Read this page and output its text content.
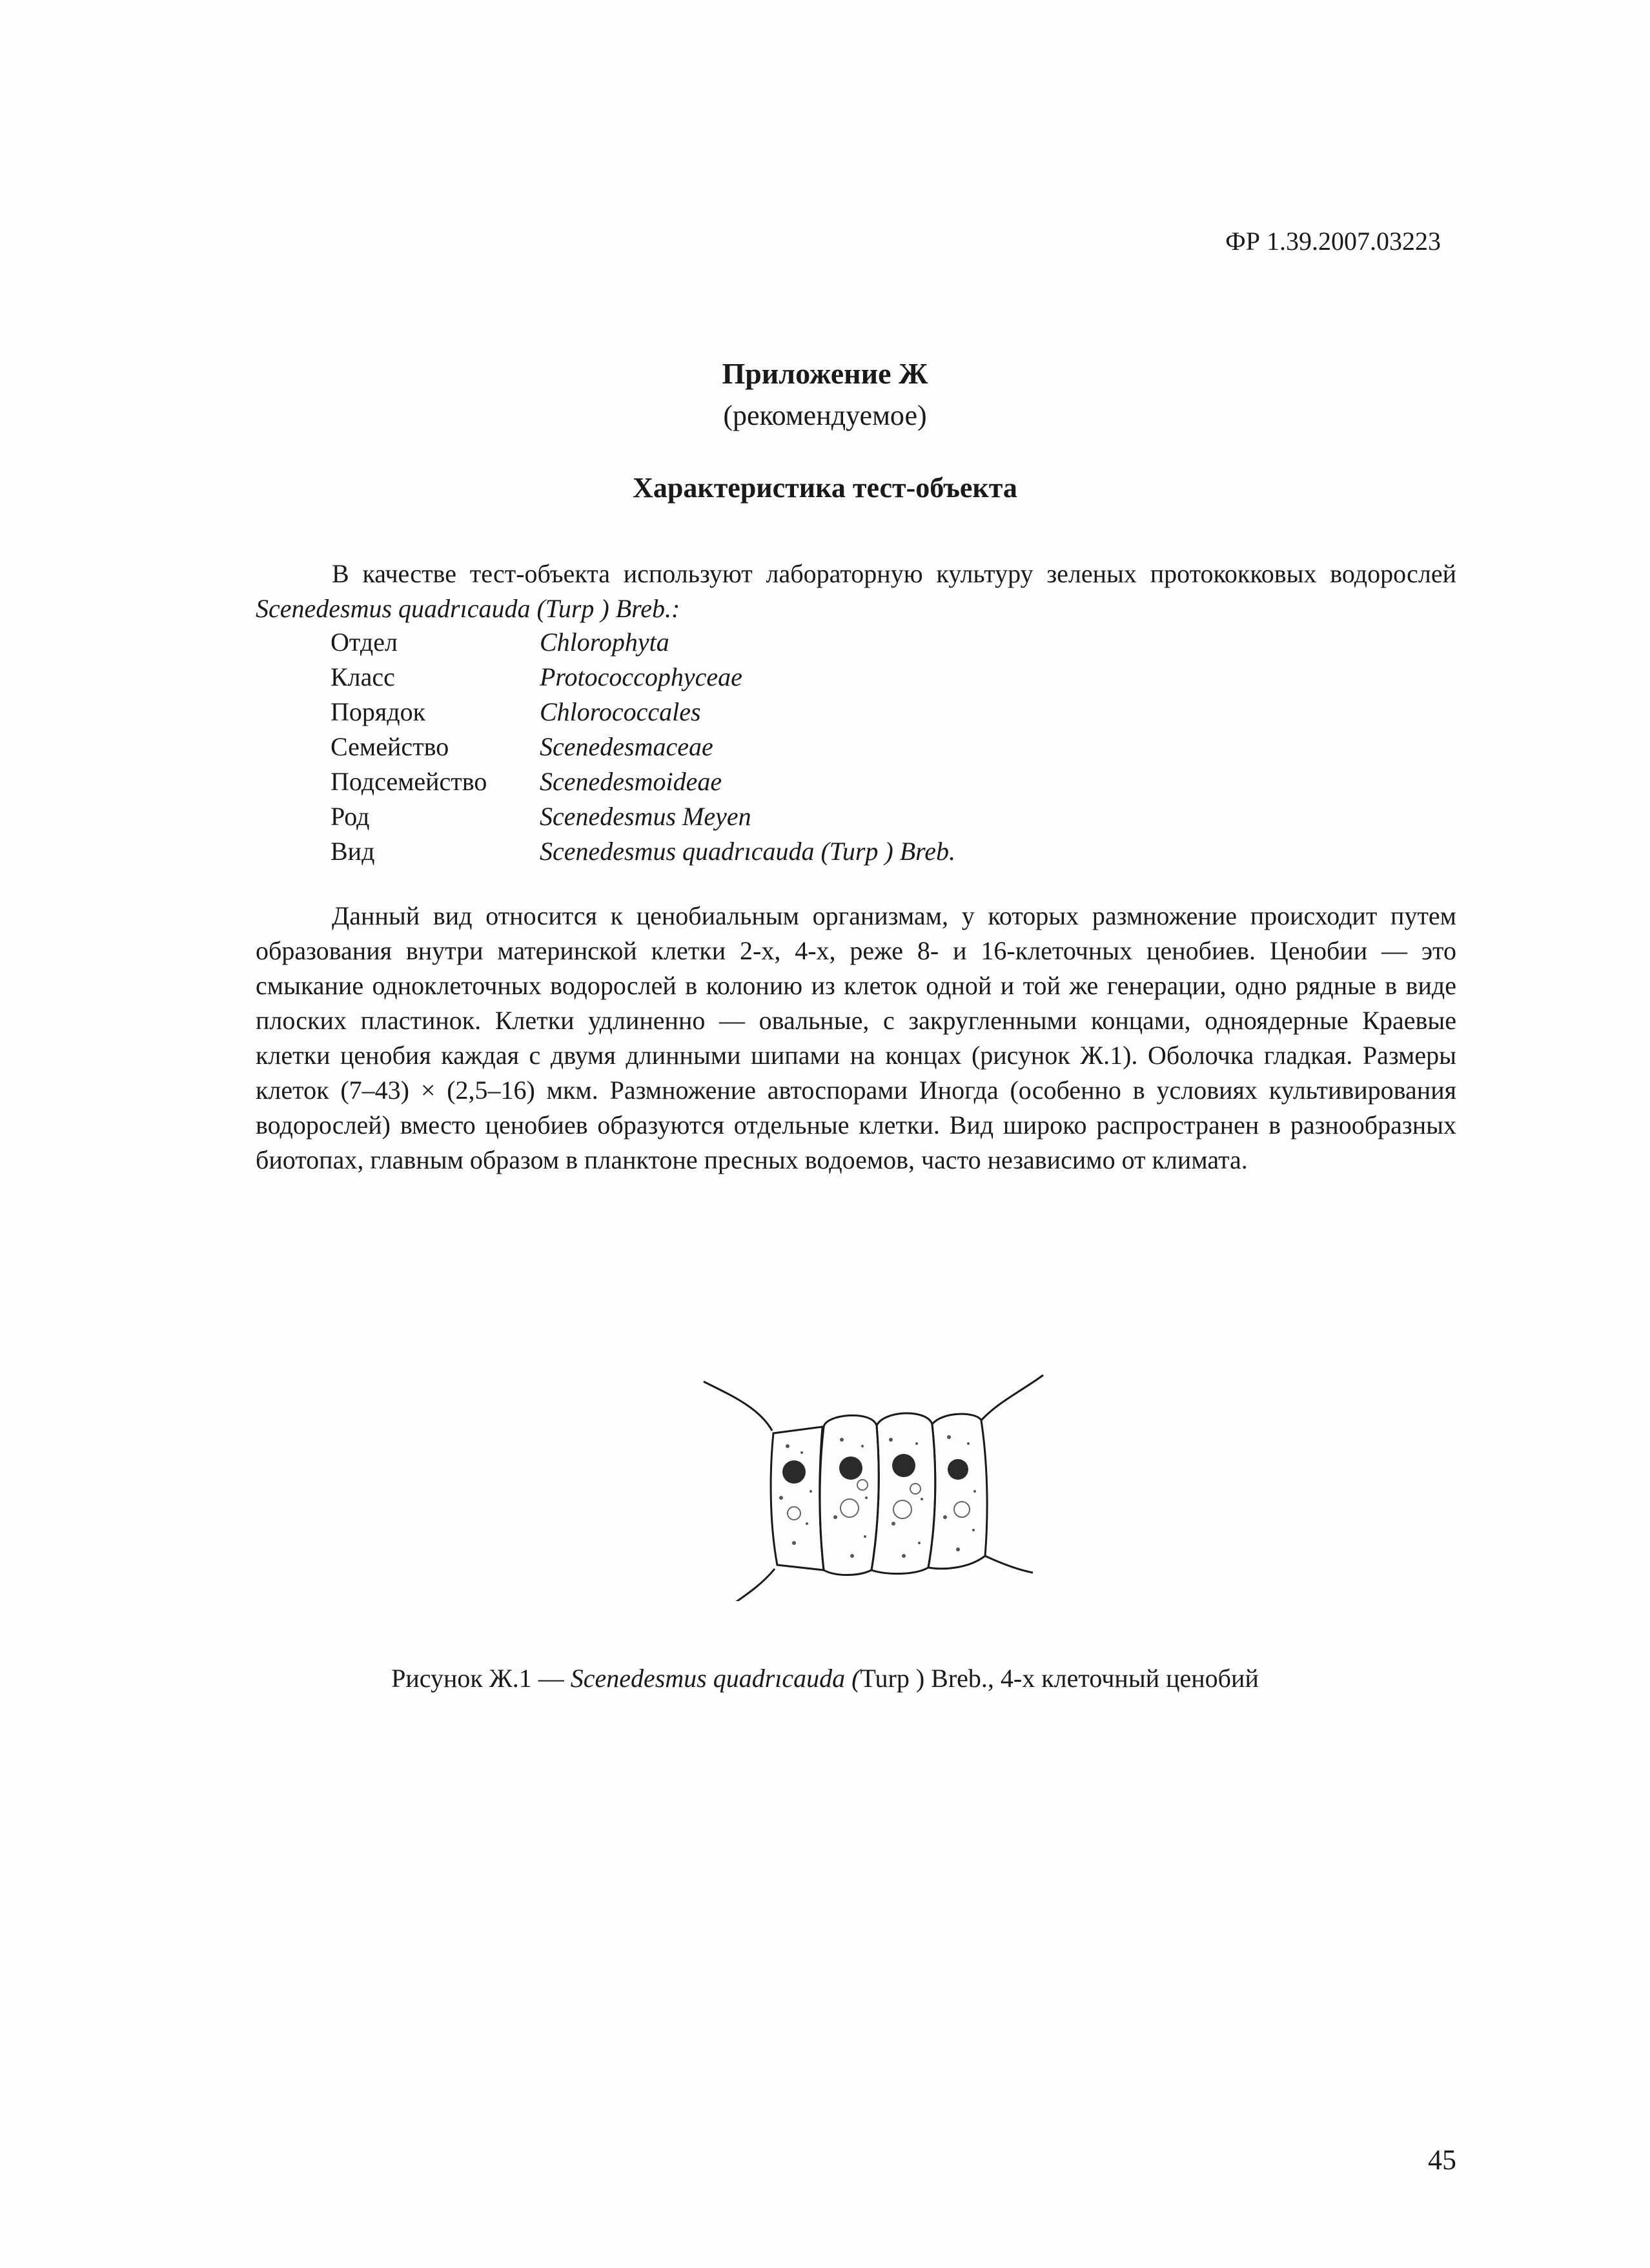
ФР 1.39.2007.03223
Приложение Ж
(рекомендуемое)
Характеристика тест-объекта

В качестве тест-объекта используют лабораторную культуру зеленых протококковых водорослей

Scenedesmus quadrıcauda (Turp ) Breb.:

Отдел	Chlorophyta
Класс	Protococcophyceae
Порядок	Chlorococcales
Семейство	Scenedesmaceae
Подсемейство	Scenedesmoideae
Род	Scenedesmus Meyen
Вид	Scenedesmus quadrıcauda (Turp ) Breb.

Данный вид относится к ценобиальным организмам, у которых размножение происходит путем образования внутри материнской клетки 2-х, 4-х, реже 8- и 16-клеточных ценобиев. Ценобии — это смыкание одноклеточных водорослей в колонию из клеток одной и той же генерации, одно рядные в виде плоских пластинок. Клетки удлиненно — овальные, с закругленными концами, одноядерные Краевые клетки ценобия каждая с двумя длинными шипами на концах (рисунок Ж.1). Оболочка гладкая. Размеры клеток (7–43) × (2,5–16) мкм. Размножение автоспорами Иногда (особенно в условиях культивирования водорослей) вместо ценобиев образуются отдельные клетки. Вид широко распространен в разнообразных биотопах, главным образом в планктоне пресных водоемов, часто независимо от климата.

Рисунок Ж.1 — Scenedesmus quadrıcauda (Turp ) Breb., 4-х клеточный ценобий
45
